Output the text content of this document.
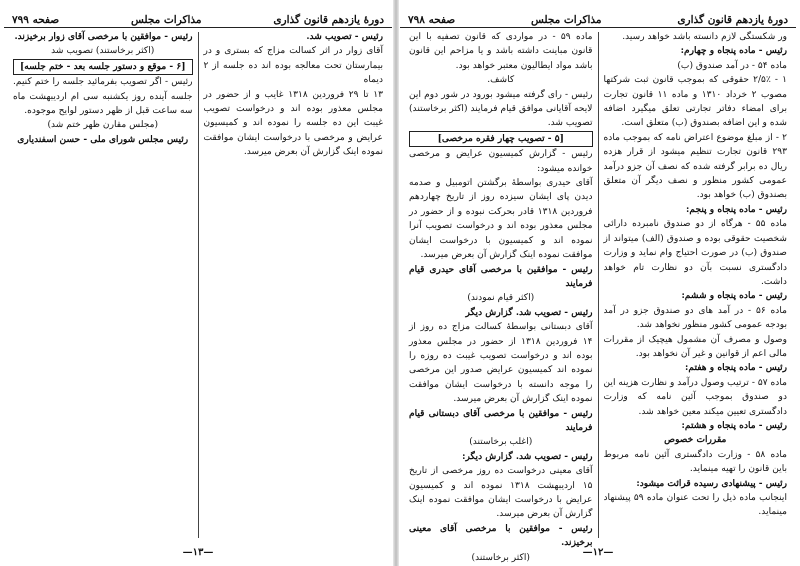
دورهٔ یازدهم قانون گذاری
مذاکرات مجلس
صفحه ۷۹۹

رئیس - تصویب شد.

آقای زوار در اثر کسالت مزاج که بستری و در بیمارستان تحت معالجه بوده اند ده جلسه از ۲ دیماه

۱۳ تا ۲۹ فروردین ۱۳۱۸ غایب و از حضور در مجلس معذور بوده اند و درخواست تصویب غیبت این ده جلسه را نموده اند و کمیسیون عرایض و مرخصی با درخواست ایشان موافقت نموده اینک گزارش آن بعرض میرسد.

رئیس - موافقین با مرخصی آقای زوار برخیزند.

(اکثر برخاستند) تصویب شد

[۶ - موقع و دستور جلسه بعد - ختم جلسه]

رئیس - اگر تصویب بفرمائید جلسه را ختم کنیم. جلسه آینده روز یکشنبه سی ام اردیبهشت ماه سه ساعت قبل از ظهر دستور لوایح موجوده.

(مجلس مقارن ظهر ختم شد)

رئیس مجلس شورای ملی - حسن اسفندیاری

—۱۳—
دورهٔ یازدهم قانون گذاری
مذاکرات مجلس
صفحه ۷۹۸

ور شکستگی لازم دانسته باشد خواهد رسید.

رئیس - ماده پنجاه و چهارم:

ماده ۵۴ - در آمد صندوق (ب)

۱ - ۲/۵٪ حقوقی که بموجب قانون ثبت شرکتها مصوب ۲ خرداد ۱۳۱۰ و ماده ۱۱ قانون تجارت برای امضاء دفاتر تجارتی تعلق میگیرد اضافه شده و این اضافه بصندوق (ب) متعلق است.

۲ - از مبلغ موضوع اعتراض نامه که بموجب ماده ۲۹۳ قانون تجارت تنظیم میشود از قرار هزده ریال ده برابر گرفته شده که نصف آن جزو درآمد عمومی کشور منظور و نصف دیگر آن متعلق بصندوق (ب) خواهد بود.

رئیس - ماده پنجاه و پنجم:

ماده ۵۵ - هرگاه از دو صندوق نامبرده دارائی شخصیت حقوقی بوده و صندوق (الف) میتواند از صندوق (ب) در صورت احتیاج وام نماید و وزارت دادگستری نسبت بآن دو نظارت تام خواهد داشت.

رئیس - ماده پنجاه و ششم:

ماده ۵۶ - در آمد های دو صندوق جزو در آمد بودجه عمومی کشور منظور نخواهد شد.

وصول و مصرف آن مشمول هیچیک از مقررات مالی اعم از قوانین و غیر آن نخواهد بود.

رئیس - ماده پنجاه و هفتم:

ماده ۵۷ - ترتیب وصول درآمد و نظارت هزینه این دو صندوق بموجب آئین نامه که وزارت دادگستری تعیین میکند معین خواهد شد.

رئیس - ماده پنجاه و هشتم:

مقررات خصوص

ماده ۵۸ - وزارت دادگستری آئین نامه مربوط باین قانون را تهیه مینماید.

رئیس - پیشنهادی رسیده قرائت میشود:

اینجانب ماده ذیل را تحت عنوان ماده ۵۹ پیشنهاد مینماید.

ماده ۵۹ - در مواردی که قانون تصفیه با این قانون مباینت داشته باشد و یا مزاحم این قانون باشد مواد ایطالیون معتبر خواهد بود.

کاشف.

رئیس - رای گرفته میشود بورود در شور دوم این لایحه آقایانی موافق قیام فرمایند (اکثر برخاستند) تصویب شد.

[۵ - تصویب چهار فقره مرخصی]

رئیس - گزارش کمیسیون عرایض و مرخصی خوانده میشود:

آقای حیدری بواسطهٔ برگشتن اتومبیل و صدمه دیدن پای ایشان سیزده روز از تاریخ چهاردهم فروردین ۱۳۱۸ قادر بحرکت نبوده و از حضور در مجلس معذور بوده اند و درخواست تصویب آنرا نموده اند و کمیسیون با درخواست ایشان موافقت نموده اینک گزارش آن بعرض میرسد.

رئیس - موافقین با مرخصی آقای حیدری قیام فرمایند

(اکثر قیام نمودند)

رئیس - تصویب شد. گزارش دیگر

آقای دبستانی بواسطهٔ کسالت مزاج ده روز از ۱۴ فروردین ۱۳۱۸ از حضور در مجلس معذور بوده اند و درخواست تصویب غیبت ده روزه را نموده اند کمیسیون عرایض صدور این مرخصی را موجه دانسته با درخواست ایشان موافقت نموده اینک گزارش آن بعرض میرسد.

رئیس - موافقین با مرخصی آقای دبستانی قیام فرمایند

(اغلب برخاستند)

رئیس - تصویب شد. گزارش دیگر:

آقای معینی درخواست ده روز مرخصی از تاریخ ۱۵ اردیبهشت ۱۳۱۸ نموده اند و کمیسیون عرایض با درخواست ایشان موافقت نموده اینک گزارش آن بعرض میرسد.

رئیس - موافقین با مرخصی آقای معینی برخیزند.

(اکثر برخاستند)	—۱۲—
